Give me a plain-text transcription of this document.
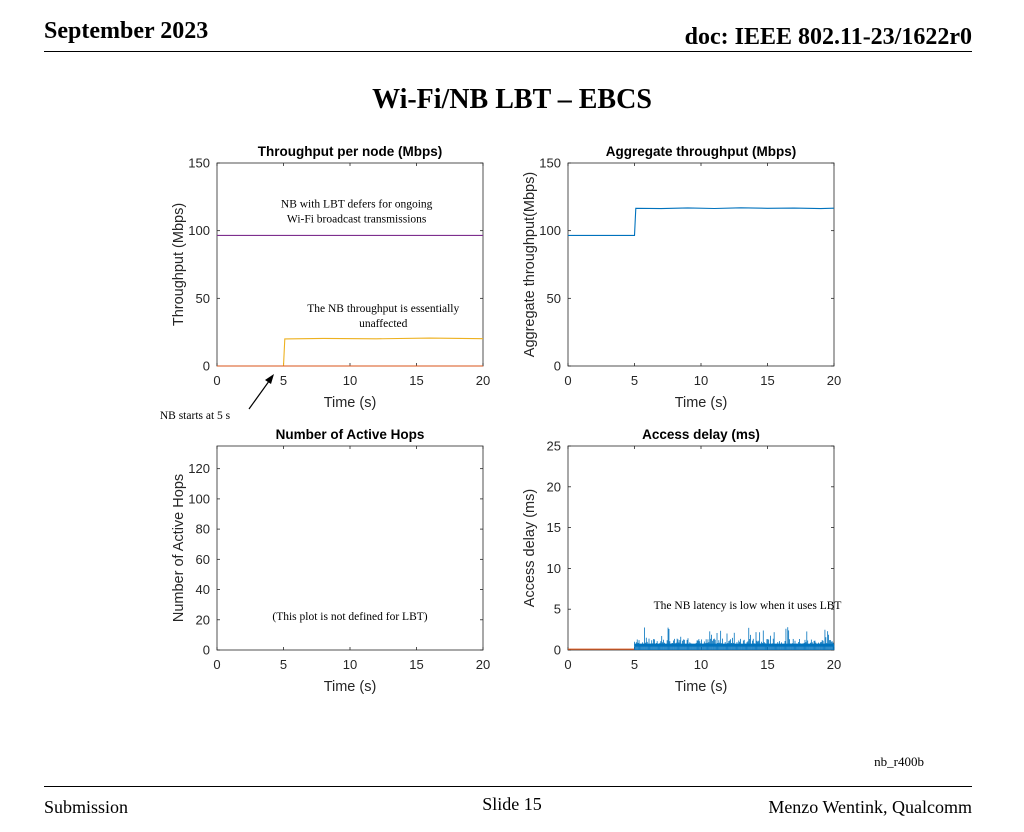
September 2023	doc: IEEE 802.11-23/1622r0
Wi-Fi/NB LBT – EBCS
NB starts at 5 s
Throughput per node (Mbps)
0	5	10	15	20
0
50
100
150
Time (s)
Throughput (Mbps)	NB with LBT defers for ongoing
Wi-Fi broadcast transmissions
The NB throughput is essentially
unaffected
Aggregate throughput (Mbps)
0	5	10	15	20
0
50
100
150
Time (s)
Aggregate throughput(Mbps)
Number of Active Hops
0	5	10	15	20
0
20
40
60
80
100
120
Time (s)
Number of Active Hops	(This plot is not defined for LBT)
Access delay (ms)
0	5	10	15	20
0
5
10
15
20
25
Time (s)
Access delay (ms)	The NB latency is low when it uses LBT
nb_r400b
Submission	Slide 15	Menzo Wentink, Qualcomm
